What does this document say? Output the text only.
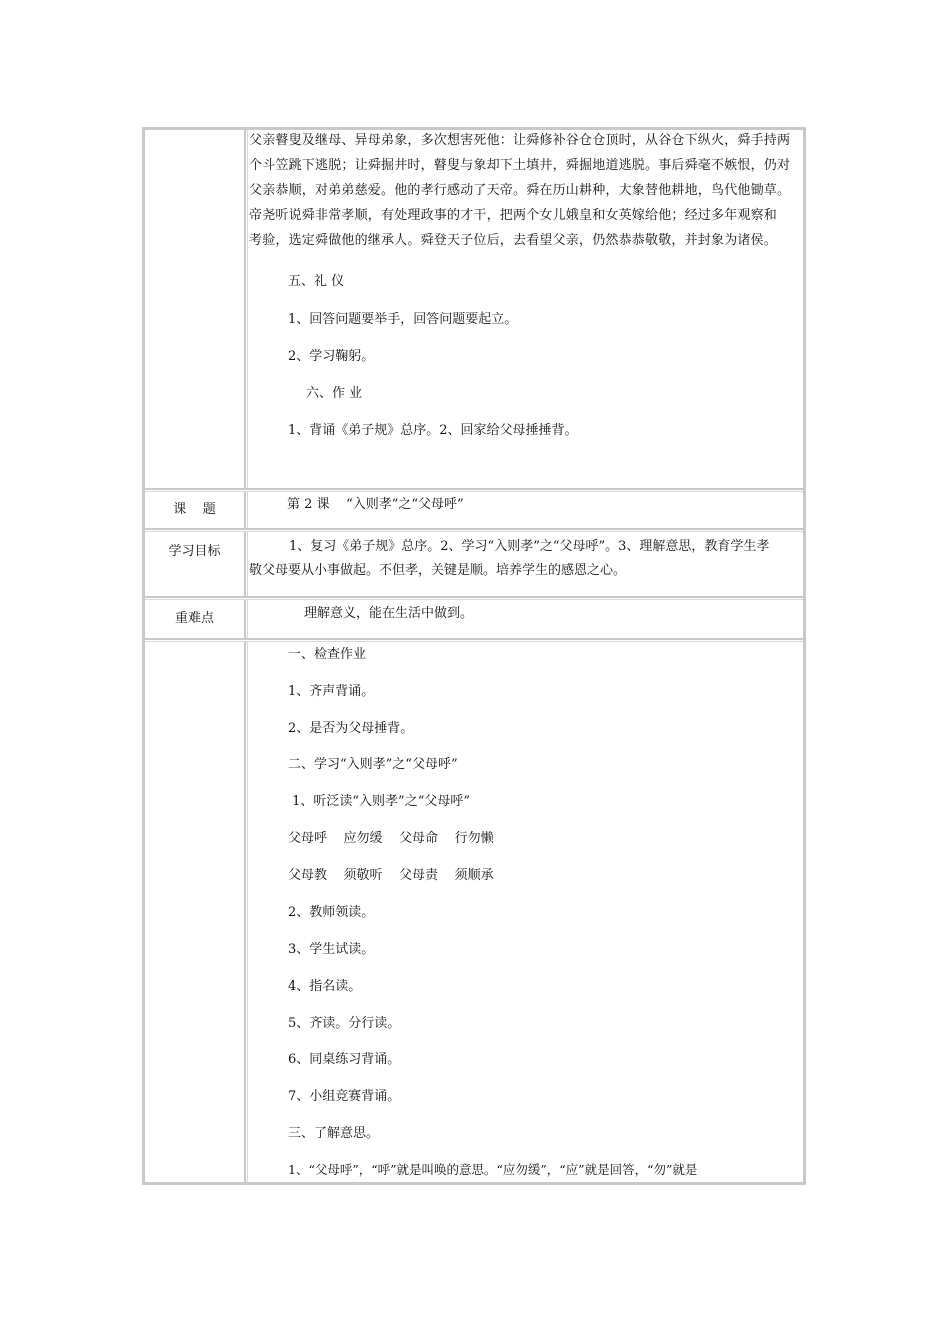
父亲瞽叟及继母、异母弟象，多次想害死他：让舜修补谷仓仓顶时，从谷仓下纵火，舜手持两
个斗笠跳下逃脱；让舜掘井时，瞽叟与象却下土填井，舜掘地道逃脱。事后舜毫不嫉恨，仍对
父亲恭顺，对弟弟慈爱。他的孝行感动了天帝。舜在历山耕种，大象替他耕地，鸟代他锄草。
帝尧听说舜非常孝顺，有处理政事的才干，把两个女儿娥皇和女英嫁给他；经过多年观察和
考验，选定舜做他的继承人。舜登天子位后，去看望父亲，仍然恭恭敬敬，并封象为诸侯。
五、礼 仪
1、回答问题要举手，回答问题要起立。
2、学习鞠躬。
六、作 业
1、背诵《弟子规》总序。2、回家给父母捶捶背。
课    题	第 2 课    “入则孝”之“父母呼”
学习目标	1、复习《弟子规》总序。2、学习“入则孝”之“父母呼”。3、理解意思，教育学生孝
敬父母要从小事做起。不但孝，关键是顺。培养学生的感恩之心。
重难点	理解意义，能在生活中做到。
一、检查作业
1、齐声背诵。
2、是否为父母捶背。
二、学习“入则孝”之“父母呼”
1、听泛读“入则孝”之“父母呼”
父母呼    应勿缓    父母命    行勿懒
父母教    须敬听    父母责    须顺承
2、教师领读。
3、学生试读。
4、指名读。
5、齐读。分行读。
6、同桌练习背诵。
7、小组竞赛背诵。
三、了解意思。
1、“父母呼”，“呼”就是叫唤的意思。“应勿缓”，“应”就是回答，“勿”就是
